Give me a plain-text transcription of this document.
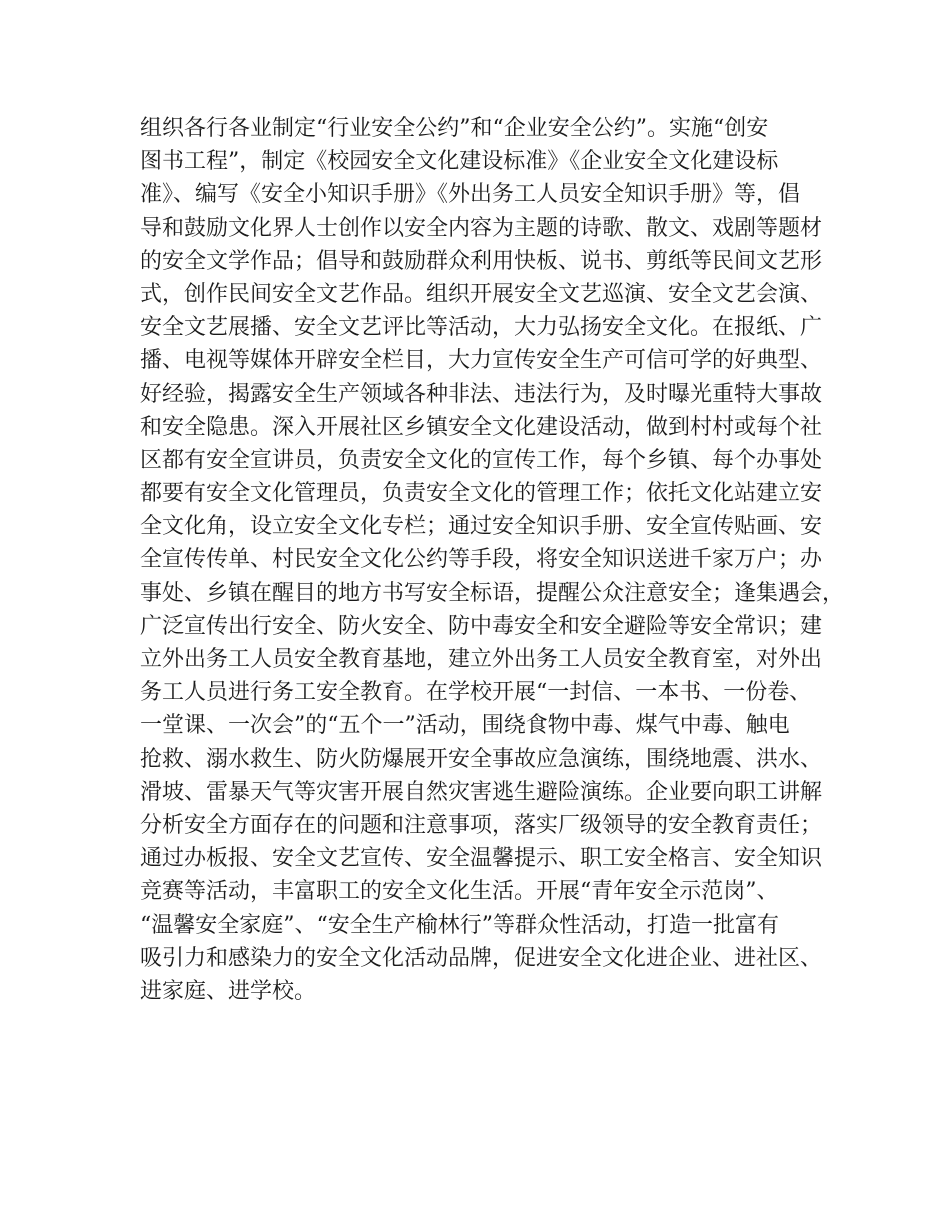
组织各行各业制定“行业安全公约”和“企业安全公约”。实施“创安
图书工程”，制定《校园安全文化建设标准》《企业安全文化建设标
准》、编写《安全小知识手册》《外出务工人员安全知识手册》等，倡
导和鼓励文化界人士创作以安全内容为主题的诗歌、散文、戏剧等题材
的安全文学作品；倡导和鼓励群众利用快板、说书、剪纸等民间文艺形
式，创作民间安全文艺作品。组织开展安全文艺巡演、安全文艺会演、
安全文艺展播、安全文艺评比等活动，大力弘扬安全文化。在报纸、广
播、电视等媒体开辟安全栏目，大力宣传安全生产可信可学的好典型、
好经验，揭露安全生产领域各种非法、违法行为，及时曝光重特大事故
和安全隐患。深入开展社区乡镇安全文化建设活动，做到村村或每个社
区都有安全宣讲员，负责安全文化的宣传工作，每个乡镇、每个办事处
都要有安全文化管理员，负责安全文化的管理工作；依托文化站建立安
全文化角，设立安全文化专栏；通过安全知识手册、安全宣传贴画、安
全宣传传单、村民安全文化公约等手段，将安全知识送进千家万户；办
事处、乡镇在醒目的地方书写安全标语，提醒公众注意安全；逢集遇会，
广泛宣传出行安全、防火安全、防中毒安全和安全避险等安全常识；建
立外出务工人员安全教育基地，建立外出务工人员安全教育室，对外出
务工人员进行务工安全教育。在学校开展“一封信、一本书、一份卷、
一堂课、一次会”的“五个一”活动，围绕食物中毒、煤气中毒、触电
抢救、溺水救生、防火防爆展开安全事故应急演练，围绕地震、洪水、
滑坡、雷暴天气等灾害开展自然灾害逃生避险演练。企业要向职工讲解
分析安全方面存在的问题和注意事项，落实厂级领导的安全教育责任；
通过办板报、安全文艺宣传、安全温馨提示、职工安全格言、安全知识
竞赛等活动，丰富职工的安全文化生活。开展“青年安全示范岗”、
“温馨安全家庭”、“安全生产榆林行”等群众性活动，打造一批富有
吸引力和感染力的安全文化活动品牌，促进安全文化进企业、进社区、
进家庭、进学校。
